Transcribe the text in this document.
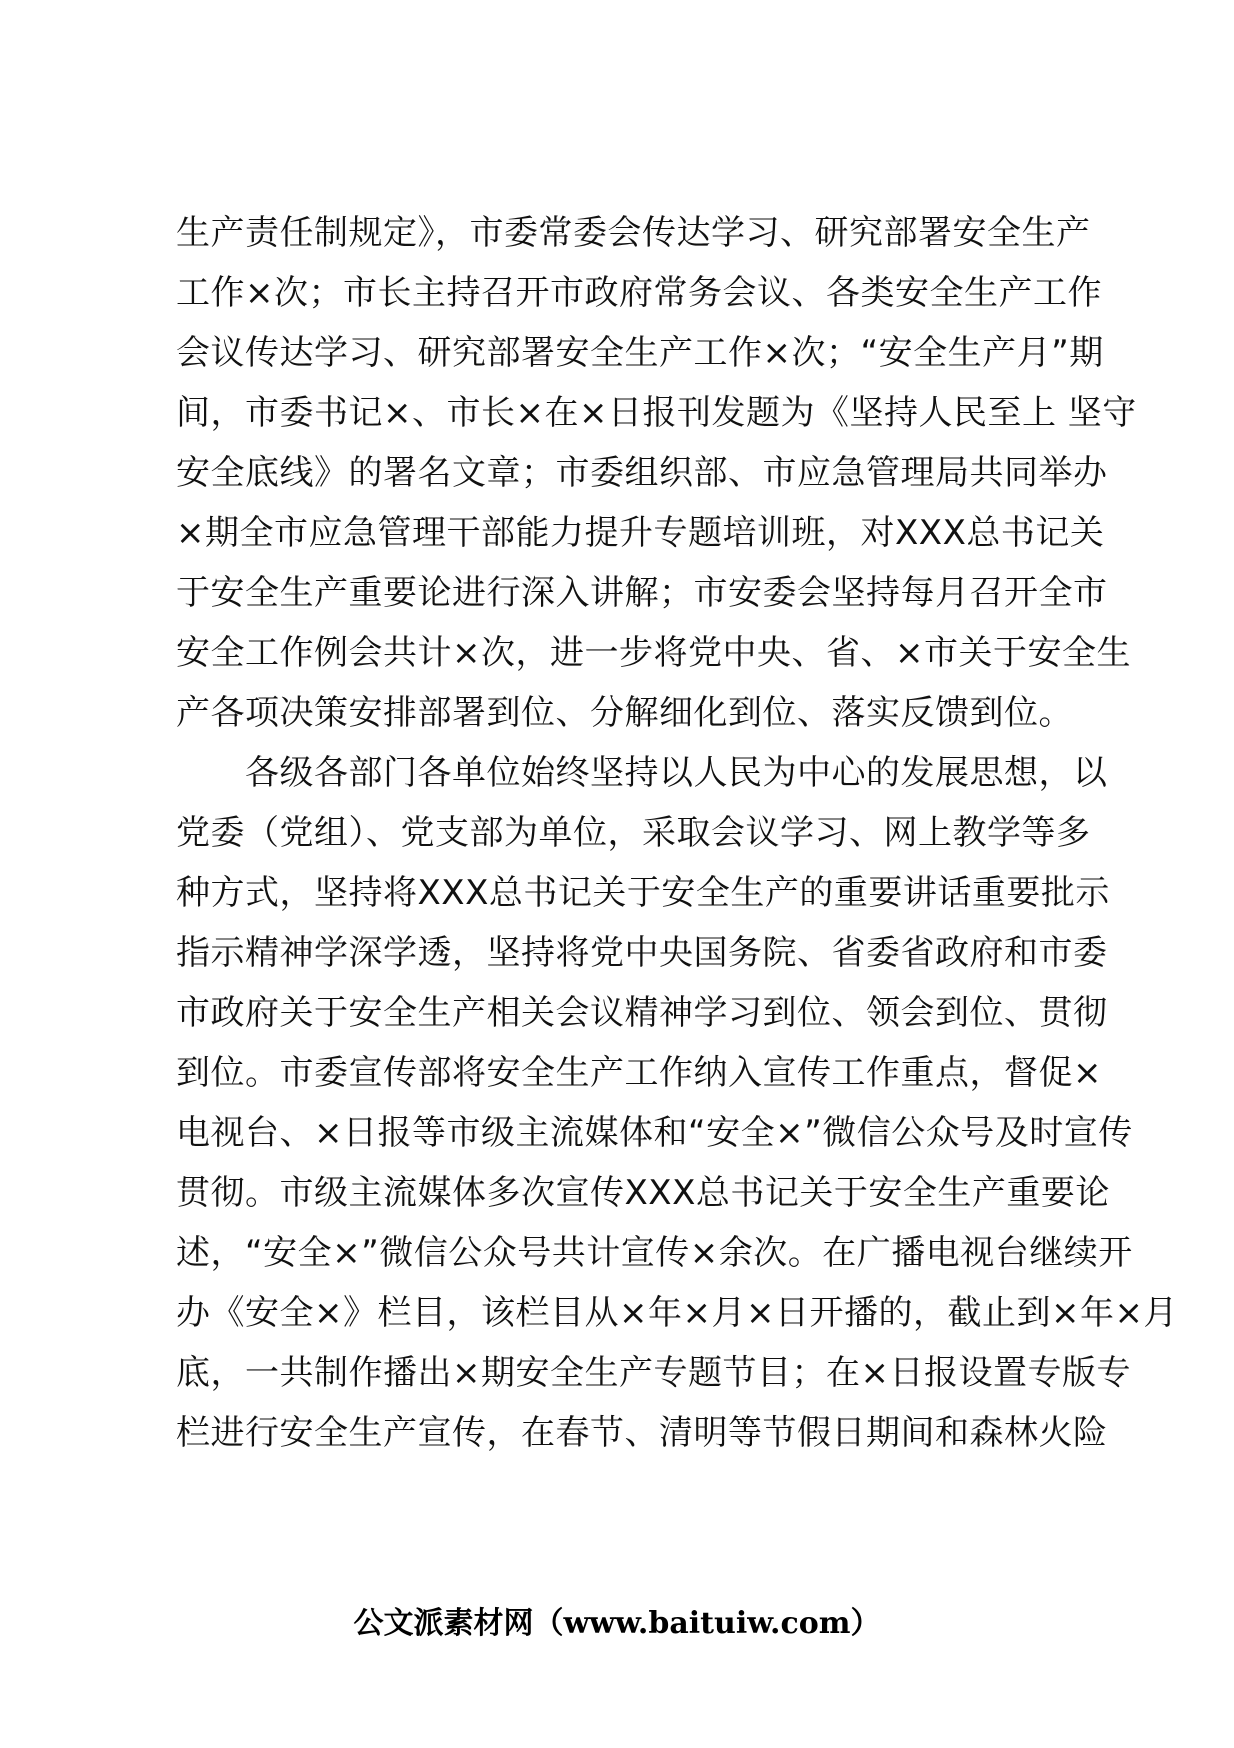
生产责任制规定》，市委常委会传达学习、研究部署安全生产
工作×次；市长主持召开市政府常务会议、各类安全生产工作
会议传达学习、研究部署安全生产工作×次；“安全生产月”期
间，市委书记×、市长×在×日报刊发题为《坚持人民至上 坚守
安全底线》的署名文章；市委组织部、市应急管理局共同举办
×期全市应急管理干部能力提升专题培训班，对XXX总书记关
于安全生产重要论进行深入讲解；市安委会坚持每月召开全市
安全工作例会共计×次，进一步将党中央、省、×市关于安全生
产各项决策安排部署到位、分解细化到位、落实反馈到位。
　　各级各部门各单位始终坚持以人民为中心的发展思想，以
党委（党组）、党支部为单位，采取会议学习、网上教学等多
种方式，坚持将XXX总书记关于安全生产的重要讲话重要批示
指示精神学深学透，坚持将党中央国务院、省委省政府和市委
市政府关于安全生产相关会议精神学习到位、领会到位、贯彻
到位。市委宣传部将安全生产工作纳入宣传工作重点，督促×
电视台、×日报等市级主流媒体和“安全×”微信公众号及时宣传
贯彻。市级主流媒体多次宣传XXX总书记关于安全生产重要论
述，“安全×”微信公众号共计宣传×余次。在广播电视台继续开
办《安全×》栏目，该栏目从×年×月×日开播的，截止到×年×月
底，一共制作播出×期安全生产专题节目；在×日报设置专版专
栏进行安全生产宣传，在春节、清明等节假日期间和森林火险
公文派素材网（www.baituiw.com）
